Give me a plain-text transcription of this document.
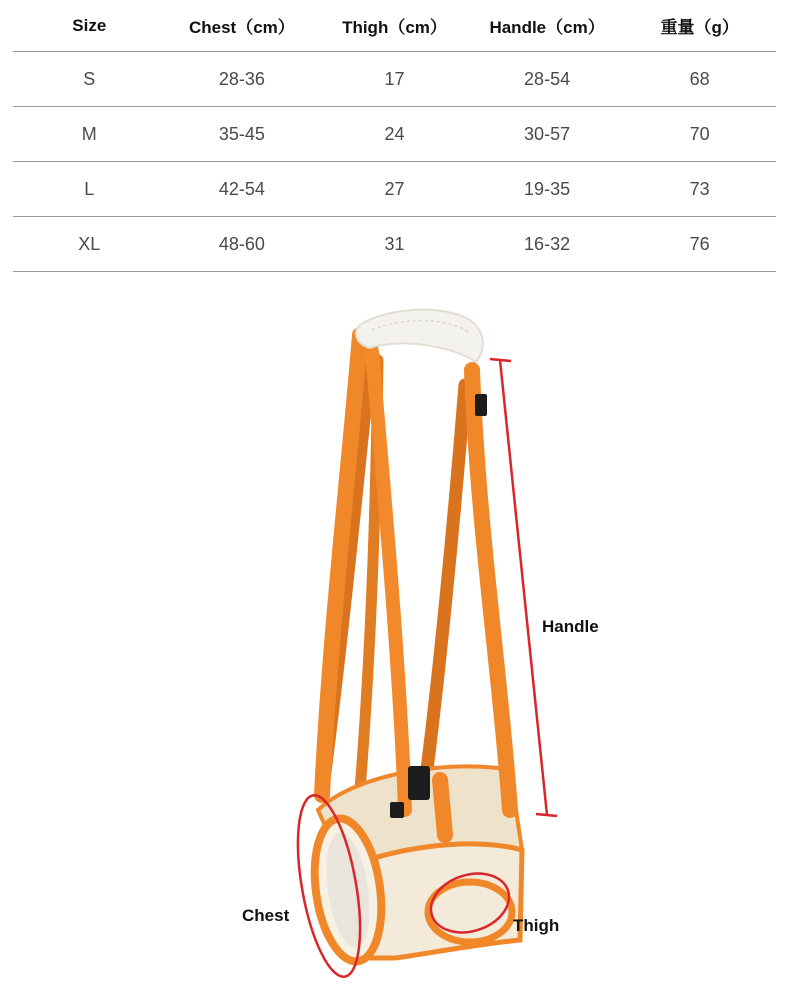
Size	Chest（cm）	Thigh（cm）	Handle（cm）	重量（g）
S	28-36	17	28-54	68
M	35-45	24	30-57	70
L	42-54	27	19-35	73
XL	48-60	31	16-32	76
Handle
Chest
Thigh
